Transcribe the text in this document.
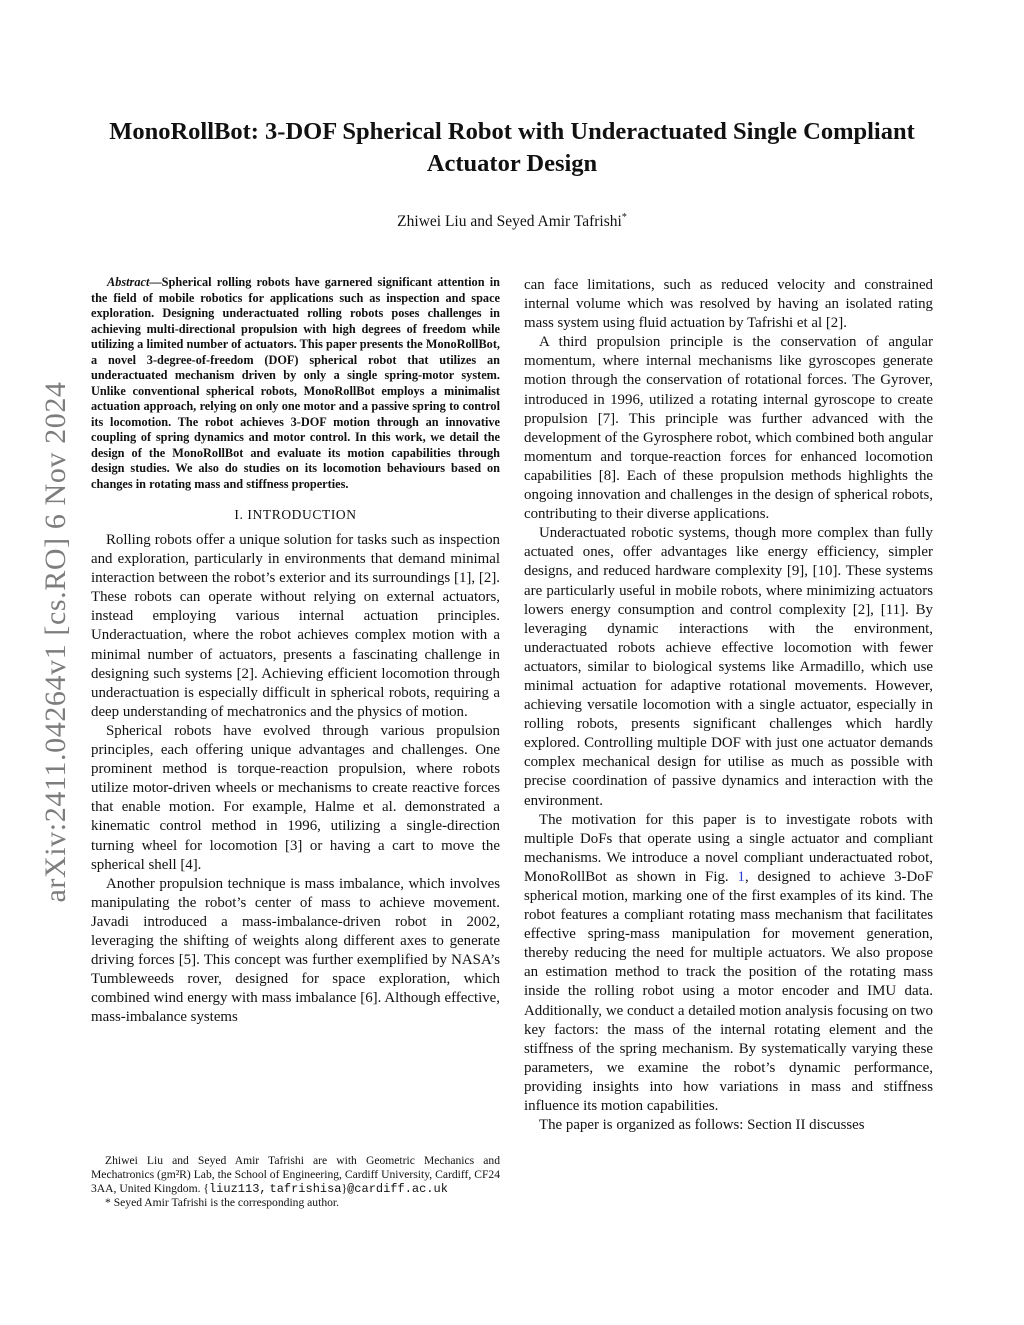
arXiv:2411.04264v1 [cs.RO] 6 Nov 2024
MonoRollBot: 3-DOF Spherical Robot with Underactuated Single Compliant Actuator Design
Zhiwei Liu and Seyed Amir Tafrishi*

Abstract—Spherical rolling robots have garnered significant attention in the field of mobile robotics for applications such as inspection and space exploration. Designing underactuated rolling robots poses challenges in achieving multi-directional propulsion with high degrees of freedom while utilizing a limited number of actuators. This paper presents the MonoRollBot, a novel 3-degree-of-freedom (DOF) spherical robot that utilizes an underactuated mechanism driven by only a single spring-motor system. Unlike conventional spherical robots, MonoRollBot employs a minimalist actuation approach, relying on only one motor and a passive spring to control its locomotion. The robot achieves 3-DOF motion through an innovative coupling of spring dynamics and motor control. In this work, we detail the design of the MonoRollBot and evaluate its motion capabilities through design studies. We also do studies on its locomotion behaviours based on changes in rotating mass and stiffness properties.

I. INTRODUCTION

Rolling robots offer a unique solution for tasks such as inspection and exploration, particularly in environments that demand minimal interaction between the robot’s exterior and its surroundings [1], [2]. These robots can operate without relying on external actuators, instead employing various internal actuation principles. Underactuation, where the robot achieves complex motion with a minimal number of actuators, presents a fascinating challenge in designing such systems [2]. Achieving efficient locomotion through underactuation is especially difficult in spherical robots, requiring a deep understanding of mechatronics and the physics of motion.

Spherical robots have evolved through various propulsion principles, each offering unique advantages and challenges. One prominent method is torque-reaction propulsion, where robots utilize motor-driven wheels or mechanisms to create reactive forces that enable motion. For example, Halme et al. demonstrated a kinematic control method in 1996, utilizing a single-direction turning wheel for locomotion [3] or having a cart to move the spherical shell [4].

Another propulsion technique is mass imbalance, which involves manipulating the robot’s center of mass to achieve movement. Javadi introduced a mass-imbalance-driven robot in 2002, leveraging the shifting of weights along different axes to generate driving forces [5]. This concept was further exemplified by NASA’s Tumbleweeds rover, designed for space exploration, which combined wind energy with mass imbalance [6]. Although effective, mass-imbalance systems

Zhiwei Liu and Seyed Amir Tafrishi are with Geometric Mechanics and Mechatronics (gm²R) Lab, the School of Engineering, Cardiff University, Cardiff, CF24 3AA, United Kingdom. {liuz113, tafrishisa}@cardiff.ac.uk

* Seyed Amir Tafrishi is the corresponding author.

can face limitations, such as reduced velocity and constrained internal volume which was resolved by having an isolated rating mass system using fluid actuation by Tafrishi et al [2].

A third propulsion principle is the conservation of angular momentum, where internal mechanisms like gyroscopes generate motion through the conservation of rotational forces. The Gyrover, introduced in 1996, utilized a rotating internal gyroscope to create propulsion [7]. This principle was further advanced with the development of the Gyrosphere robot, which combined both angular momentum and torque-reaction forces for enhanced locomotion capabilities [8]. Each of these propulsion methods highlights the ongoing innovation and challenges in the design of spherical robots, contributing to their diverse applications.

Underactuated robotic systems, though more complex than fully actuated ones, offer advantages like energy efficiency, simpler designs, and reduced hardware complexity [9], [10]. These systems are particularly useful in mobile robots, where minimizing actuators lowers energy consumption and control complexity [2], [11]. By leveraging dynamic interactions with the environment, underactuated robots achieve effective locomotion with fewer actuators, similar to biological systems like Armadillo, which use minimal actuation for adaptive rotational movements. However, achieving versatile locomotion with a single actuator, especially in rolling robots, presents significant challenges which hardly explored. Controlling multiple DOF with just one actuator demands complex mechanical design for utilise as much as possible with precise coordination of passive dynamics and interaction with the environment.

The motivation for this paper is to investigate robots with multiple DoFs that operate using a single actuator and compliant mechanisms. We introduce a novel compliant underactuated robot, MonoRollBot as shown in Fig. 1, designed to achieve 3-DoF spherical motion, marking one of the first examples of its kind. The robot features a compliant rotating mass mechanism that facilitates effective spring-mass manipulation for movement generation, thereby reducing the need for multiple actuators. We also propose an estimation method to track the position of the rotating mass inside the rolling robot using a motor encoder and IMU data. Additionally, we conduct a detailed motion analysis focusing on two key factors: the mass of the internal rotating element and the stiffness of the spring mechanism. By systematically varying these parameters, we examine the robot’s dynamic performance, providing insights into how variations in mass and stiffness influence its motion capabilities.

The paper is organized as follows: Section II discusses
